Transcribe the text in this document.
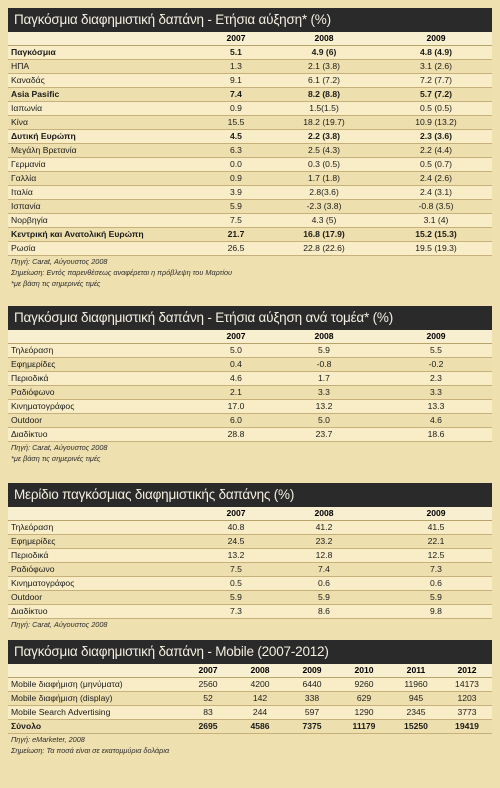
Παγκόσμια διαφημιστική δαπάνη - Ετήσια αύξηση* (%)
	2007	2008	2009
Παγκόσμια	5.1	4.9 (6)	4.8 (4.9)
ΗΠΑ	1.3	2.1 (3.8)	3.1 (2.6)
Καναδάς	9.1	6.1 (7.2)	7.2 (7.7)
Asia Pasific	7.4	8.2 (8.8)	5.7 (7.2)
Ιαπωνία	0.9	1.5(1.5)	0.5 (0.5)
Κίνα	15.5	18.2 (19.7)	10.9 (13.2)
Δυτική Ευρώπη	4.5	2.2 (3.8)	2.3 (3.6)
Μεγάλη Βρετανία	6.3	2.5 (4.3)	2.2 (4.4)
Γερμανία	0.0	0.3 (0.5)	0.5 (0.7)
Γαλλία	0.9	1.7 (1.8)	2.4 (2.6)
Ιταλία	3.9	2.8(3.6)	2.4 (3.1)
Ισπανία	5.9	-2.3 (3.8)	-0.8 (3.5)
Νορβηγία	7.5	4.3 (5)	3.1 (4)
Κεντρική και Ανατολική Ευρώπη	21.7	16.8 (17.9)	15.2 (15.3)
Ρωσία	26.5	22.8 (22.6)	19.5 (19.3)
Πηγή: Carat, Αύγουστος 2008
Σημείωση: Εντός παρενθέσεως αναφέρεται η πρόβλεψη του Μαρτίου
*με βάση τις σημερινές τιμές
Παγκόσμια διαφημιστική δαπάνη - Ετήσια αύξηση ανά τομέα* (%)
	2007	2008	2009
Τηλεόραση	5.0	5.9	5.5
Εφημερίδες	0.4	-0.8	-0.2
Περιοδικά	4.6	1.7	2.3
Ραδιόφωνο	2.1	3.3	3.3
Κινηματογράφος	17.0	13.2	13.3
Outdoor	6.0	5.0	4.6
Διαδίκτυο	28.8	23.7	18.6
Πηγή: Carat, Αύγουστος 2008
*με βάση τις σημερινές τιμές
Μερίδιο παγκόσμιας διαφημιστικής δαπάνης (%)
	2007	2008	2009
Τηλεόραση	40.8	41.2	41.5
Εφημερίδες	24.5	23.2	22.1
Περιοδικά	13.2	12.8	12.5
Ραδιόφωνο	7.5	7.4	7.3
Κινηματογράφος	0.5	0.6	0.6
Outdoor	5.9	5.9	5.9
Διαδίκτυο	7.3	8.6	9.8
Πηγή: Carat, Αύγουστος 2008
Παγκόσμια διαφημιστική δαπάνη - Mobile (2007-2012)
	2007	2008	2009	2010	2011	2012
Mobile διαφήμιση (μηνύματα)	2560	4200	6440	9260	11960	14173
Mobile διαφήμιση (display)	52	142	338	629	945	1203
Mobile Search Advertising	83	244	597	1290	2345	3773
Σύνολο	2695	4586	7375	11179	15250	19419
Πηγή: eMarketer, 2008
Σημείωση: Τα ποσά είναι σε εκατομμύρια δολάρια
